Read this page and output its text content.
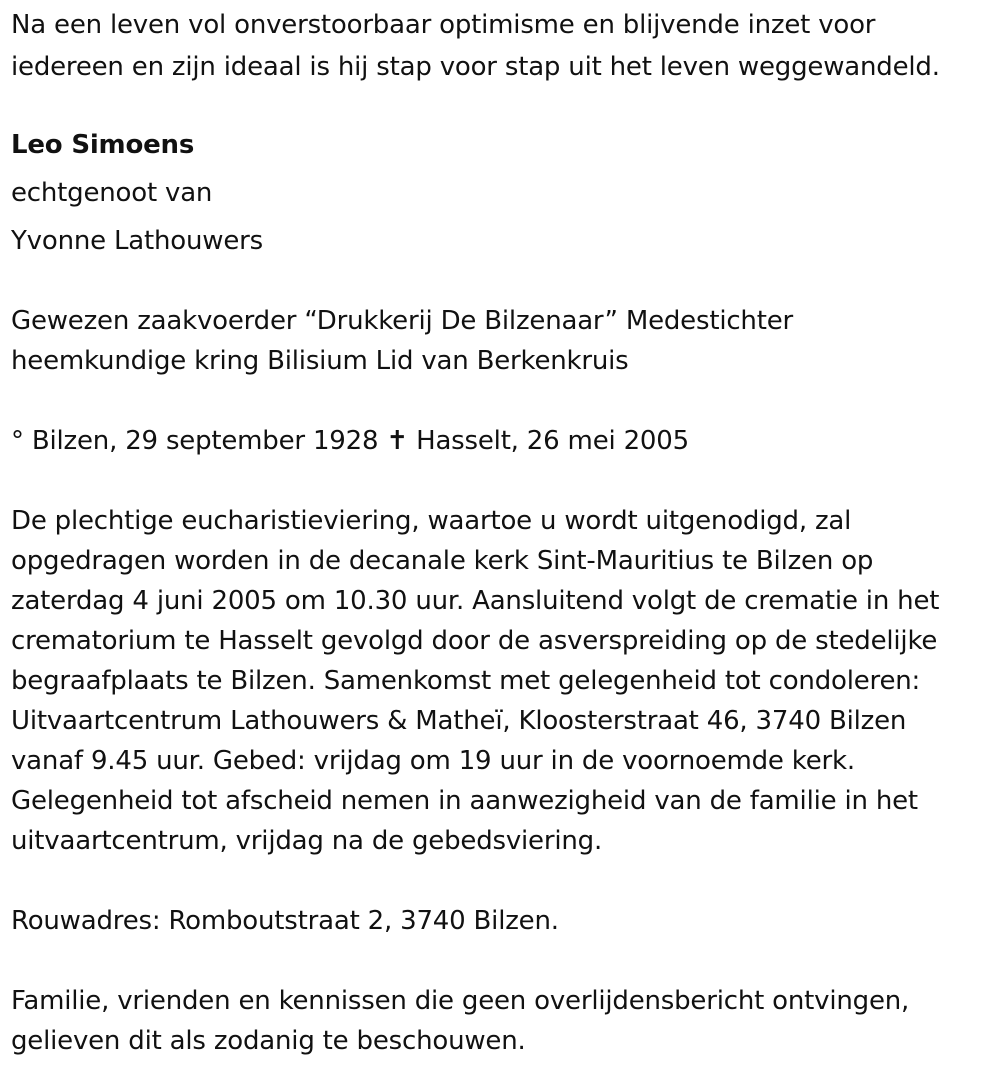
Na een leven vol onverstoorbaar optimisme en blijvende inzet voor
iedereen en zijn ideaal is hij stap voor stap uit het leven weggewandeld.
Leo Simoens
echtgenoot van
Yvonne Lathouwers
Gewezen zaakvoerder “Drukkerij De Bilzenaar” Medestichter
heemkundige kring Bilisium Lid van Berkenkruis
° Bilzen, 29 september 1928 ✝ Hasselt, 26 mei 2005
De plechtige eucharistieviering, waartoe u wordt uitgenodigd, zal
opgedragen worden in de decanale kerk Sint-Mauritius te Bilzen op
zaterdag 4 juni 2005 om 10.30 uur. Aansluitend volgt de crematie in het
crematorium te Hasselt gevolgd door de asverspreiding op de stedelijke
begraafplaats te Bilzen. Samenkomst met gelegenheid tot condoleren:
Uitvaartcentrum Lathouwers & Matheï, Kloosterstraat 46, 3740 Bilzen
vanaf 9.45 uur. Gebed: vrijdag om 19 uur in de voornoemde kerk.
Gelegenheid tot afscheid nemen in aanwezigheid van de familie in het
uitvaartcentrum, vrijdag na de gebedsviering.
Rouwadres: Romboutstraat 2, 3740 Bilzen.
Familie, vrienden en kennissen die geen overlijdensbericht ontvingen,
gelieven dit als zodanig te beschouwen.
